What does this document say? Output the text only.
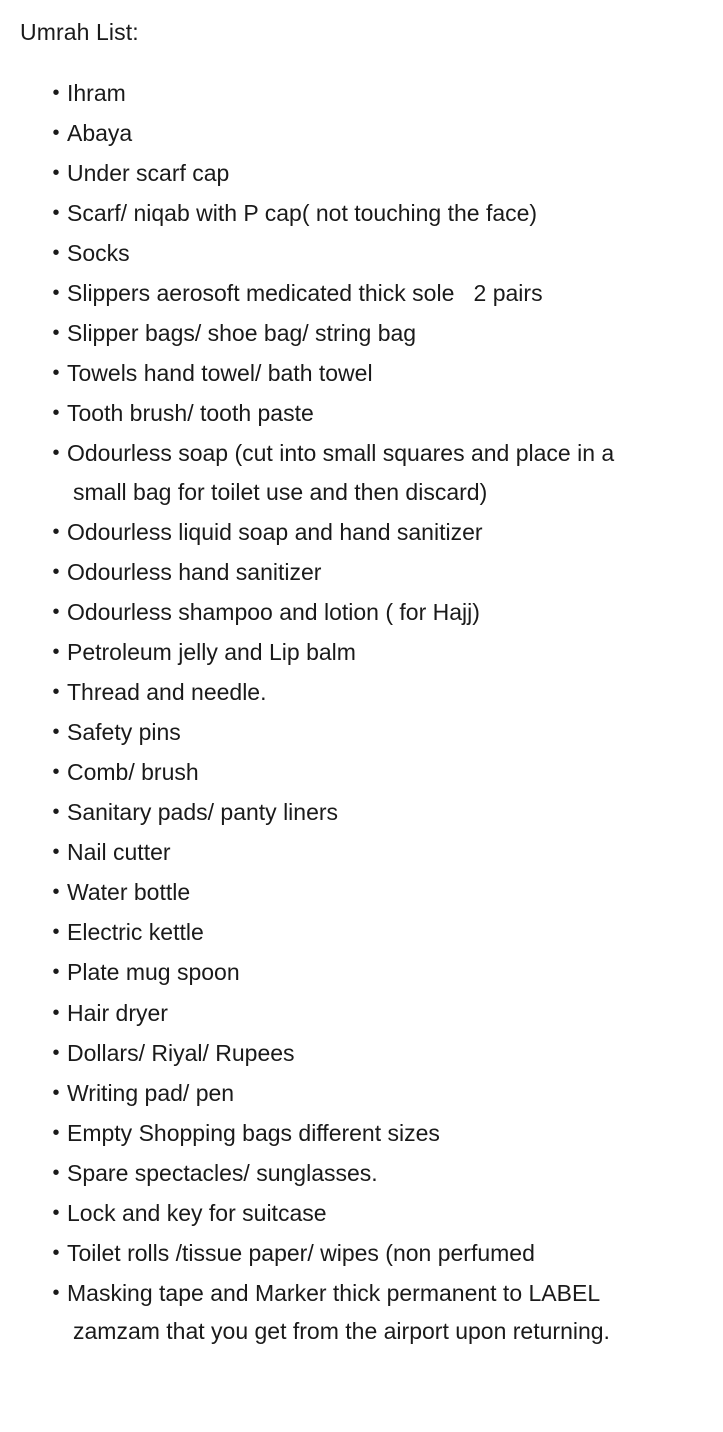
Umrah List:
• Ihram
• Abaya
• Under scarf cap
• Scarf/ niqab with P cap( not touching the face)
• Socks
• Slippers aerosoft medicated thick sole   2 pairs
• Slipper bags/ shoe bag/ string bag
• Towels hand towel/ bath towel
• Tooth brush/ tooth paste
• Odourless soap (cut into small squares and place in a
small bag for toilet use and then discard)
• Odourless liquid soap and hand sanitizer
• Odourless hand sanitizer
• Odourless shampoo and lotion ( for Hajj)
• Petroleum jelly and Lip balm
• Thread and needle.
• Safety pins
• Comb/ brush
• Sanitary pads/ panty liners
• Nail cutter
• Water bottle
• Electric kettle
• Plate mug spoon
• Hair dryer
• Dollars/ Riyal/ Rupees
• Writing pad/ pen
• Empty Shopping bags different sizes
• Spare spectacles/ sunglasses.
• Lock and key for suitcase
• Toilet rolls /tissue paper/ wipes (non perfumed
• Masking tape and Marker thick permanent to LABEL
zamzam that you get from the airport upon returning.
